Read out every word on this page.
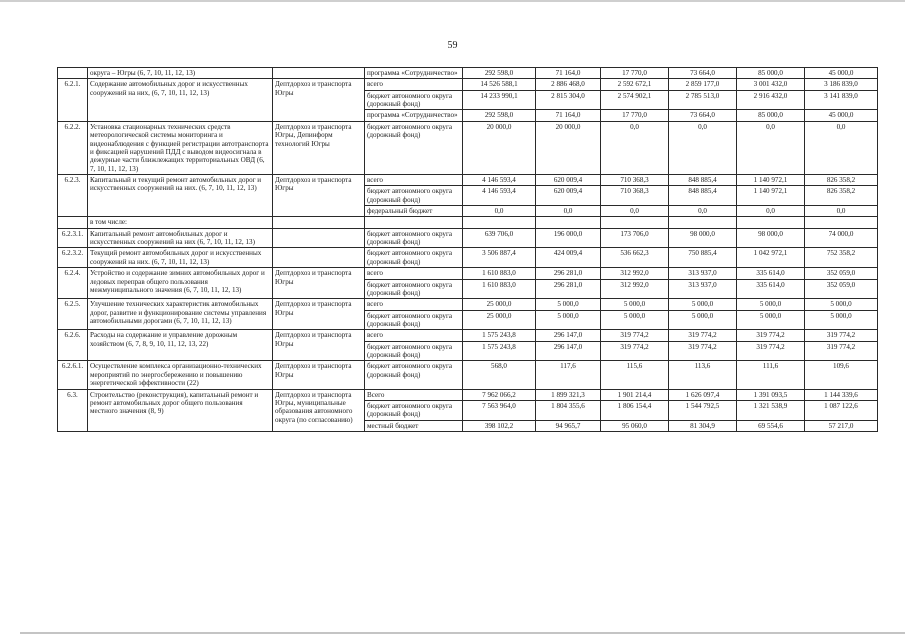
59
	округа – Югры (6, 7, 10, 11, 12, 13)		программа «Сотрудничество»	292 598,0	71 164,0	17 770,0	73 664,0	85 000,0	45 000,0
6.2.1.	Содержание автомобильных дорог и искусственных сооружений на них, (6, 7, 10, 11, 12, 13)	Дептдорхоз и транспорта Югры	всего	14 526 588,1	2 886 468,0	2 592 672,1	2 859 177,0	3 001 432,0	3 186 839,0
			бюджет автономного округа (дорожный фонд)	14 233 990,1	2 815 304,0	2 574 902,1	2 785 513,0	2 916 432,0	3 141 839,0
			программа «Сотрудничество»	292 598,0	71 164,0	17 770,0	73 664,0	85 000,0	45 000,0
6.2.2.	Установка стационарных технических средств метеорологической системы мониторинга и видеонаблюдения с функцией регистрации автотранспорта и фиксацией нарушений ПДД с выводом видеосигнала в дежурные части ближлежащих территориальных ОВД (6, 7, 10, 11, 12, 13)	Дептдорхоз и транспорта Югры, Депинформ технологий Югры	бюджет автономного округа (дорожный фонд)	20 000,0	20 000,0	0,0	0,0	0,0	0,0
6.2.3.	Капитальный и текущий ремонт автомобильных дорог и искусственных сооружений на них. (6, 7, 10, 11, 12, 13)	Дептдорхоз и транспорта Югры	всего	4 146 593,4	620 009,4	710 368,3	848 885,4	1 140 972,1	826 358,2
			бюджет автономного округа (дорожный фонд)	4 146 593,4	620 009,4	710 368,3	848 885,4	1 140 972,1	826 358,2
			федеральный бюджет	0,0	0,0	0,0	0,0	0,0	0,0
	в том числе:								
6.2.3.1.	Капитальный ремонт автомобильных дорог и искусственных сооружений на них (6, 7, 10, 11, 12, 13)		бюджет автономного округа (дорожный фонд)	639 706,0	196 000,0	173 706,0	98 000,0	98 000,0	74 000,0
6.2.3.2.	Текущий ремонт автомобильных дорог и искусственных сооружений на них. (6, 7, 10, 11, 12, 13)		бюджет автономного округа (дорожный фонд)	3 506 887,4	424 009,4	536 662,3	750 885,4	1 042 972,1	752 358,2
6.2.4.	Устройство и содержание зимних автомобильных дорог и ледовых переправ общего пользования межмуниципального значения (6, 7, 10, 11, 12, 13)	Дептдорхоз и транспорта Югры	всего	1 610 883,0	296 281,0	312 992,0	313 937,0	335 614,0	352 059,0
			бюджет автономного округа (дорожный фонд)	1 610 883,0	296 281,0	312 992,0	313 937,0	335 614,0	352 059,0
6.2.5.	Улучшение технических характеристик автомобильных дорог, развитие и функционирование системы управления автомобильными дорогами (6, 7, 10, 11, 12, 13)	Дептдорхоз и транспорта Югры	всего	25 000,0	5 000,0	5 000,0	5 000,0	5 000,0	5 000,0
			бюджет автономного округа (дорожный фонд)	25 000,0	5 000,0	5 000,0	5 000,0	5 000,0	5 000,0
6.2.6.	Расходы на содержание и управление дорожным хозяйством (6, 7, 8, 9, 10, 11, 12, 13, 22)	Дептдорхоз и транспорта Югры	всего	1 575 243,8	296 147,0	319 774,2	319 774,2	319 774,2	319 774,2
			бюджет автономного округа (дорожный фонд)	1 575 243,8	296 147,0	319 774,2	319 774,2	319 774,2	319 774,2
6.2.6.1.	Осуществление комплекса организационно-технических мероприятий по энергосбережению и повышению энергетической эффективности (22)	Дептдорхоз и транспорта Югры	бюджет автономного округа (дорожный фонд)	568,0	117,6	115,6	113,6	111,6	109,6
6.3.	Строительство (реконструкция), капитальный ремонт и ремонт автомобильных дорог общего пользования местного значения (8, 9)	Дептдорхоз и транспорта Югры, муниципальные образования автономного округа (по согласованию)	Всего	7 962 066,2	1 899 321,3	1 901 214,4	1 626 097,4	1 391 093,5	1 144 339,6
			бюджет автономного округа (дорожный фонд)	7 563 964,0	1 804 355,6	1 806 154,4	1 544 792,5	1 321 538,9	1 087 122,6
			местный бюджет	398 102,2	94 965,7	95 060,0	81 304,9	69 554,6	57 217,0
